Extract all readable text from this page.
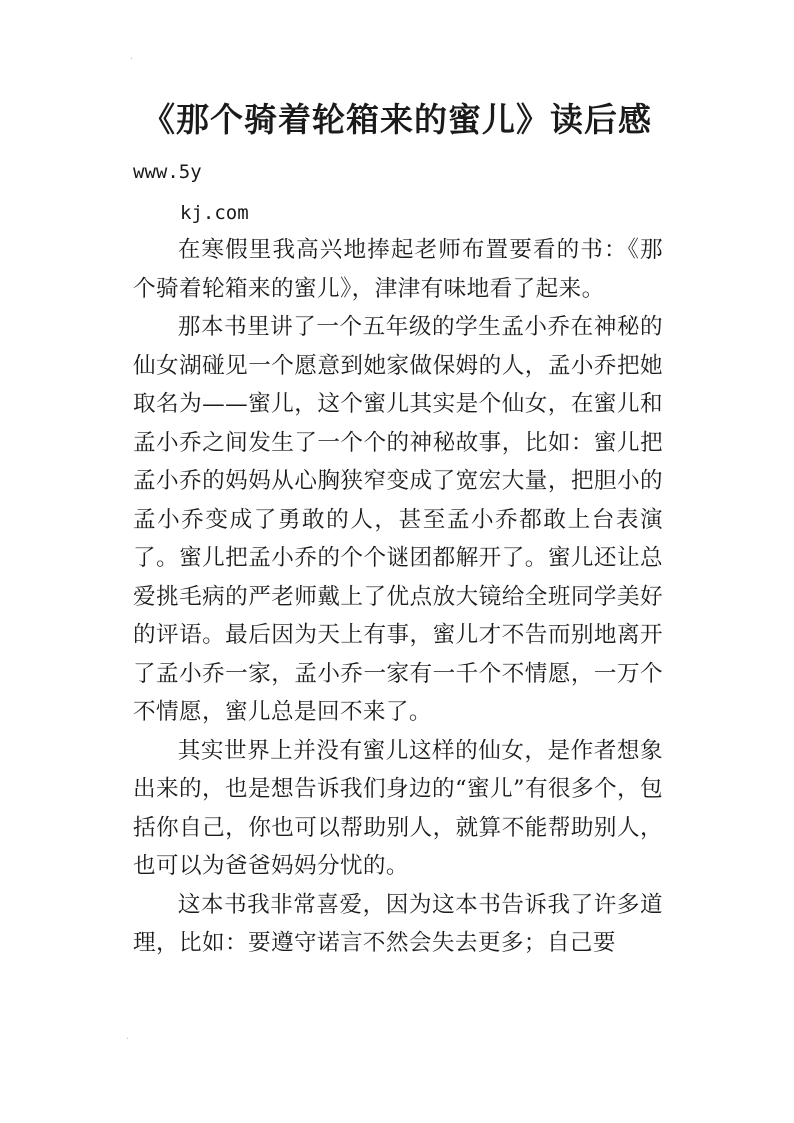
·
《那个骑着轮箱来的蜜儿》读后感
www.5y
kj.com

在寒假里我高兴地捧起老师布置要看的书：《那个骑着轮箱来的蜜儿》，津津有味地看了起来。

那本书里讲了一个五年级的学生孟小乔在神秘的仙女湖碰见一个愿意到她家做保姆的人，孟小乔把她取名为——蜜儿，这个蜜儿其实是个仙女，在蜜儿和孟小乔之间发生了一个个的神秘故事，比如：蜜儿把孟小乔的妈妈从心胸狭窄变成了宽宏大量，把胆小的孟小乔变成了勇敢的人，甚至孟小乔都敢上台表演了。蜜儿把孟小乔的个个谜团都解开了。蜜儿还让总爱挑毛病的严老师戴上了优点放大镜给全班同学美好的评语。最后因为天上有事，蜜儿才不告而别地离开了孟小乔一家，孟小乔一家有一千个不情愿，一万个不情愿，蜜儿总是回不来了。

其实世界上并没有蜜儿这样的仙女，是作者想象出来的，也是想告诉我们身边的“蜜儿”有很多个，包括你自己，你也可以帮助别人，就算不能帮助别人，也可以为爸爸妈妈分忧的。

这本书我非常喜爱，因为这本书告诉我了许多道理，比如：要遵守诺言不然会失去更多；自己要

·
